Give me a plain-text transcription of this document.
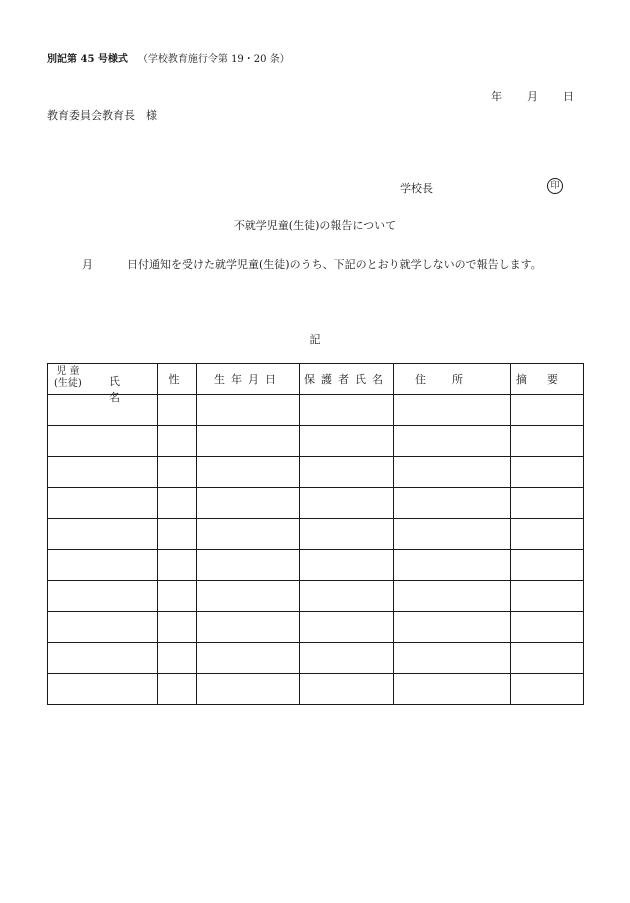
別記第 45 号様式 （学校教育施行令第 19・20 条）
年 月 日
教育委員会教育長　様
学校長	印
不就学児童(生徒)の報告について
月	日付通知を受けた就学児童(生徒)のうち、下記のとおり就学しないので報告します。
記
児 童
(生徒) 氏名	性	生年月日	保護者氏名	住所	摘要
